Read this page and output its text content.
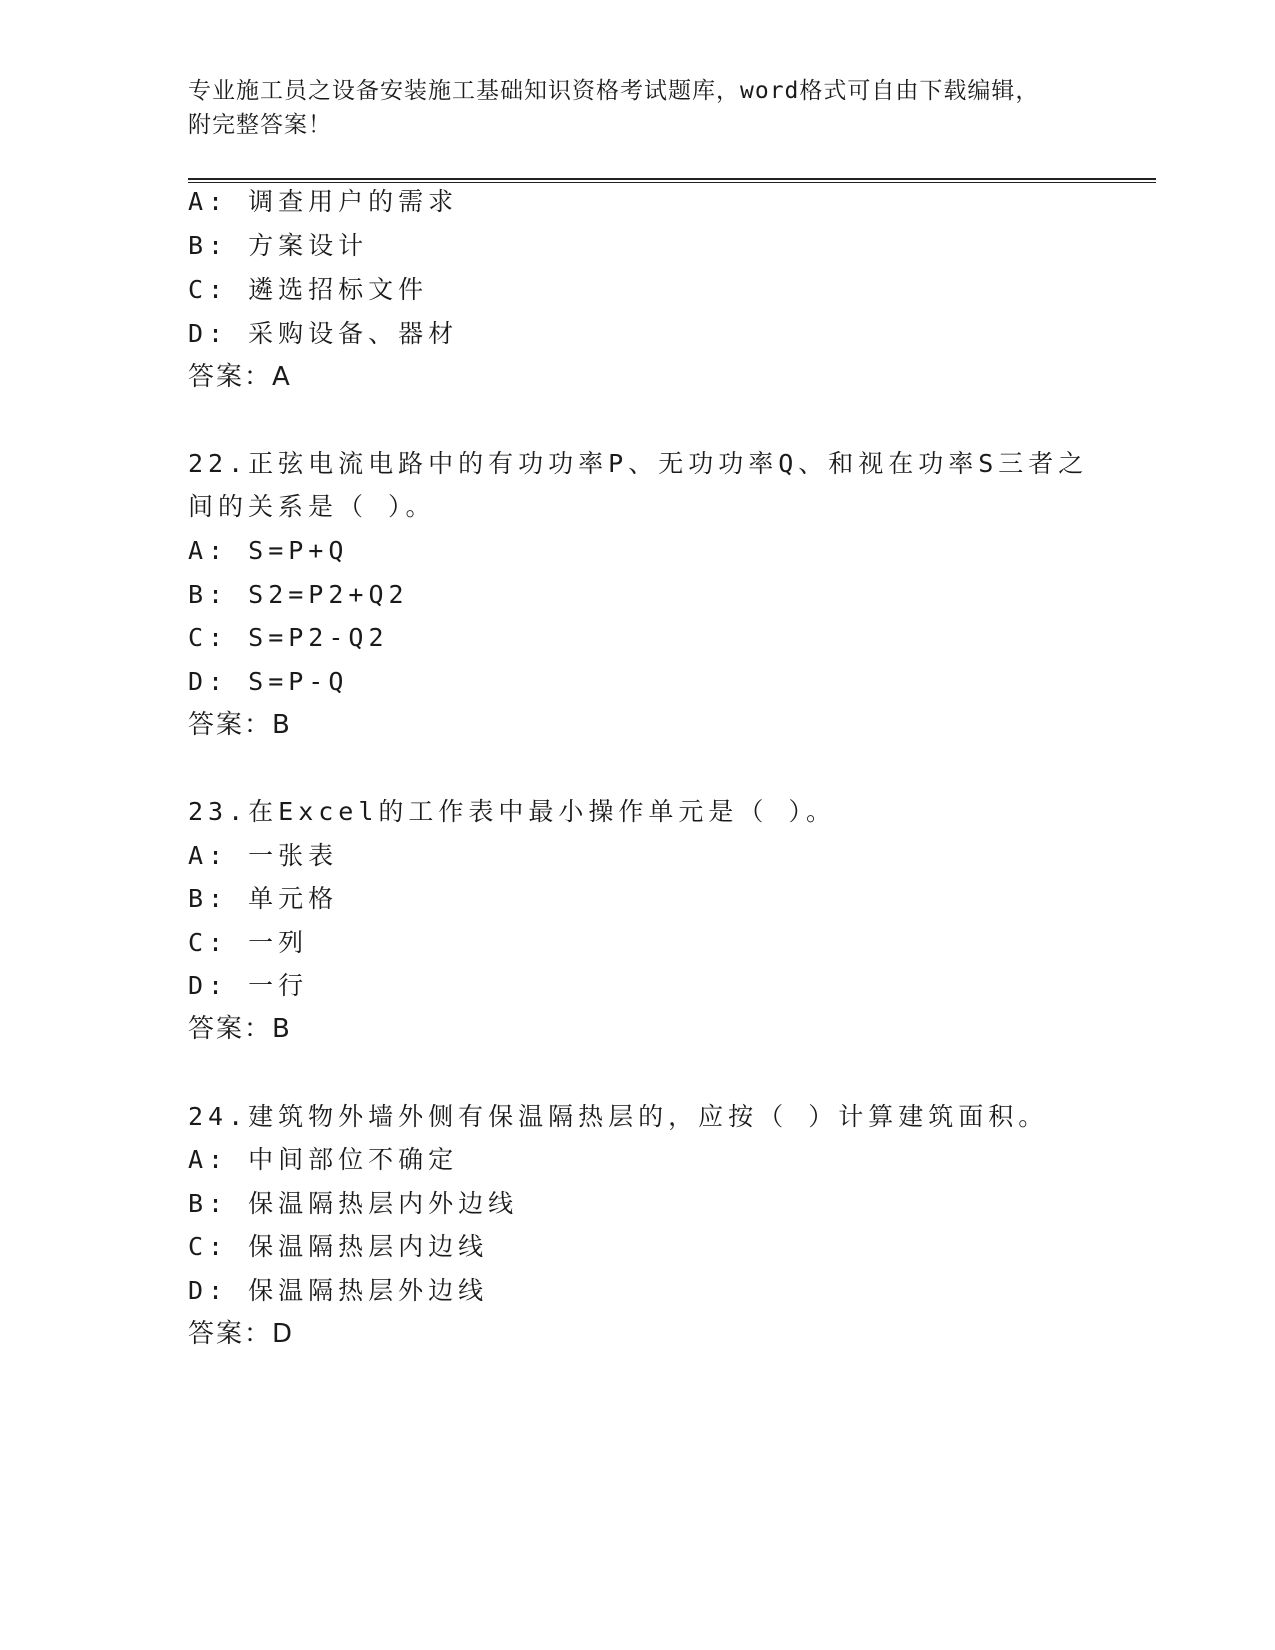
专业施工员之设备安装施工基础知识资格考试题库，word格式可自由下载编辑，
附完整答案！

A: 调查用户的需求

B: 方案设计

C: 遴选招标文件

D: 采购设备、器材

答案：A

22.正弦电流电路中的有功功率P、无功功率Q、和视在功率S三者之

间的关系是（ ）。

A: S=P+Q

B: S2=P2+Q2

C: S=P2-Q2

D: S=P-Q

答案：B

23.在Excel的工作表中最小操作单元是（ ）。

A: 一张表

B: 单元格

C: 一列

D: 一行

答案：B

24.建筑物外墙外侧有保温隔热层的，应按（ ）计算建筑面积。

A: 中间部位不确定

B: 保温隔热层内外边线

C: 保温隔热层内边线

D: 保温隔热层外边线

答案：D
